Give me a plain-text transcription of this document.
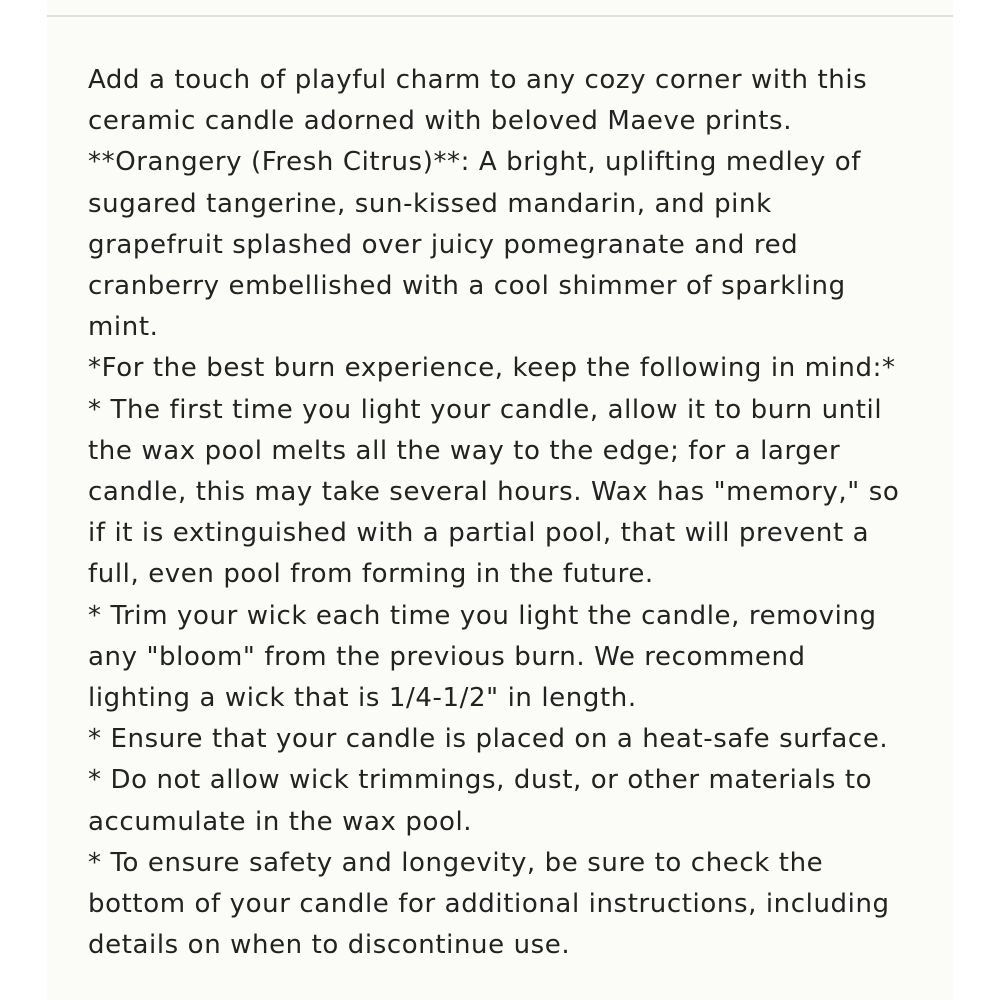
Add a touch of playful charm to any cozy corner with this
ceramic candle adorned with beloved Maeve prints.
**Orangery (Fresh Citrus)**: A bright, uplifting medley of
sugared tangerine, sun-kissed mandarin, and pink
grapefruit splashed over juicy pomegranate and red
cranberry embellished with a cool shimmer of sparkling
mint.
*For the best burn experience, keep the following in mind:*
* The first time you light your candle, allow it to burn until
the wax pool melts all the way to the edge; for a larger
candle, this may take several hours. Wax has "memory," so
if it is extinguished with a partial pool, that will prevent a
full, even pool from forming in the future.
* Trim your wick each time you light the candle, removing
any "bloom" from the previous burn. We recommend
lighting a wick that is 1/4-1/2" in length.
* Ensure that your candle is placed on a heat-safe surface.
* Do not allow wick trimmings, dust, or other materials to
accumulate in the wax pool.
* To ensure safety and longevity, be sure to check the
bottom of your candle for additional instructions, including
details on when to discontinue use.
